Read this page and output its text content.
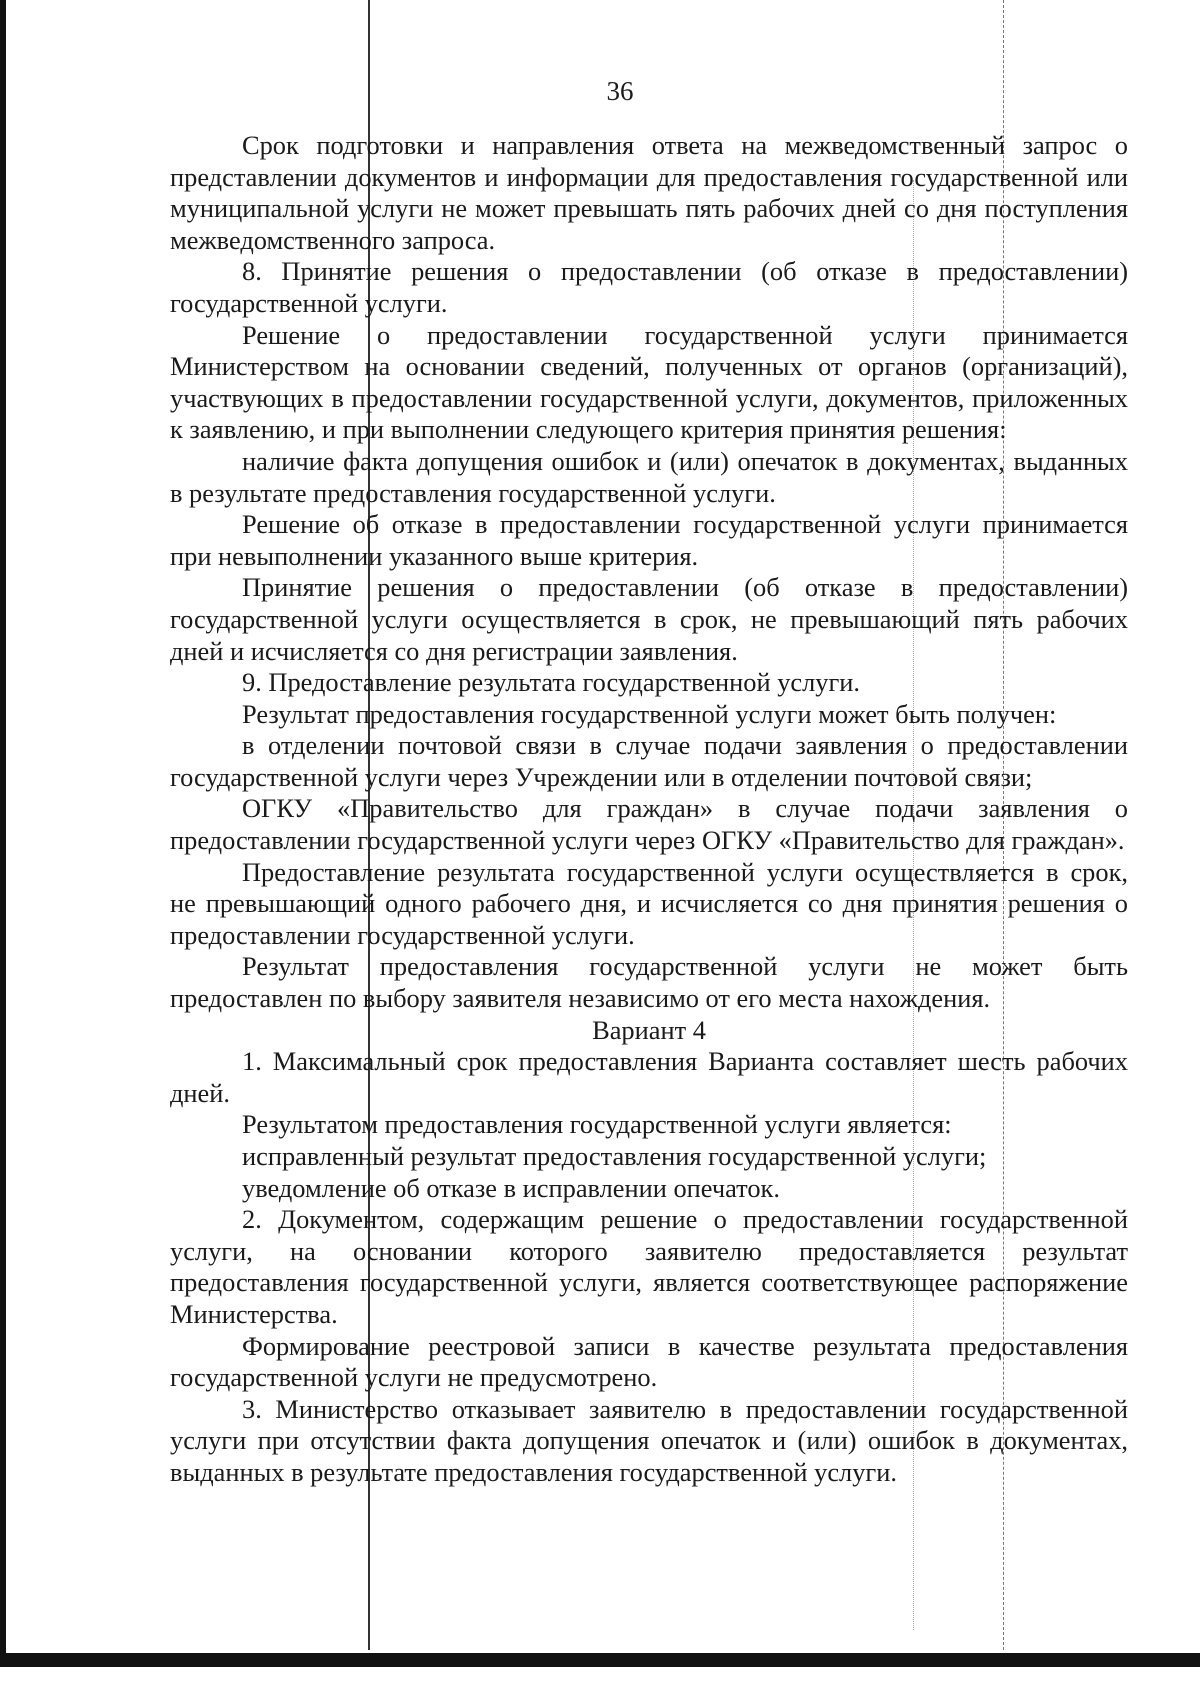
36

Срок подготовки и направления ответа на межведомственный запрос о представлении документов и информации для предоставления государственной или муниципальной услуги не может превышать пять рабочих дней со дня поступления межведомственного запроса.

8. Принятие решения о предоставлении (об отказе в предоставлении) государственной услуги.

Решение о предоставлении государственной услуги принимается Министерством на основании сведений, полученных от органов (организаций), участвующих в предоставлении государственной услуги, документов, приложенных к заявлению, и при выполнении следующего критерия принятия решения:

наличие факта допущения ошибок и (или) опечаток в документах, выданных в результате предоставления государственной услуги.

Решение об отказе в предоставлении государственной услуги принимается при невыполнении указанного выше критерия.

Принятие решения о предоставлении (об отказе в предоставлении) государственной услуги осуществляется в срок, не превышающий пять рабочих дней и исчисляется со дня регистрации заявления.

9. Предоставление результата государственной услуги.

Результат предоставления государственной услуги может быть получен:

в отделении почтовой связи в случае подачи заявления о предоставлении государственной услуги через Учреждении или в отделении почтовой связи;

ОГКУ «Правительство для граждан» в случае подачи заявления о предоставлении государственной услуги через ОГКУ «Правительство для граждан».

Предоставление результата государственной услуги осуществляется в срок, не превышающий одного рабочего дня, и исчисляется со дня принятия решения о предоставлении государственной услуги.

Результат предоставления государственной услуги не может быть предоставлен по выбору заявителя независимо от его места нахождения.

Вариант 4

1. Максимальный срок предоставления Варианта составляет шесть рабочих дней.

Результатом предоставления государственной услуги является:

исправленный результат предоставления государственной услуги;

уведомление об отказе в исправлении опечаток.

2. Документом, содержащим решение о предоставлении государственной услуги, на основании которого заявителю предоставляется результат предоставления государственной услуги, является соответствующее распоряжение Министерства.

Формирование реестровой записи в качестве результата предоставления государственной услуги не предусмотрено.

3. Министерство отказывает заявителю в предоставлении государственной услуги при отсутствии факта допущения опечаток и (или) ошибок в документах, выданных в результате предоставления государственной услуги.
